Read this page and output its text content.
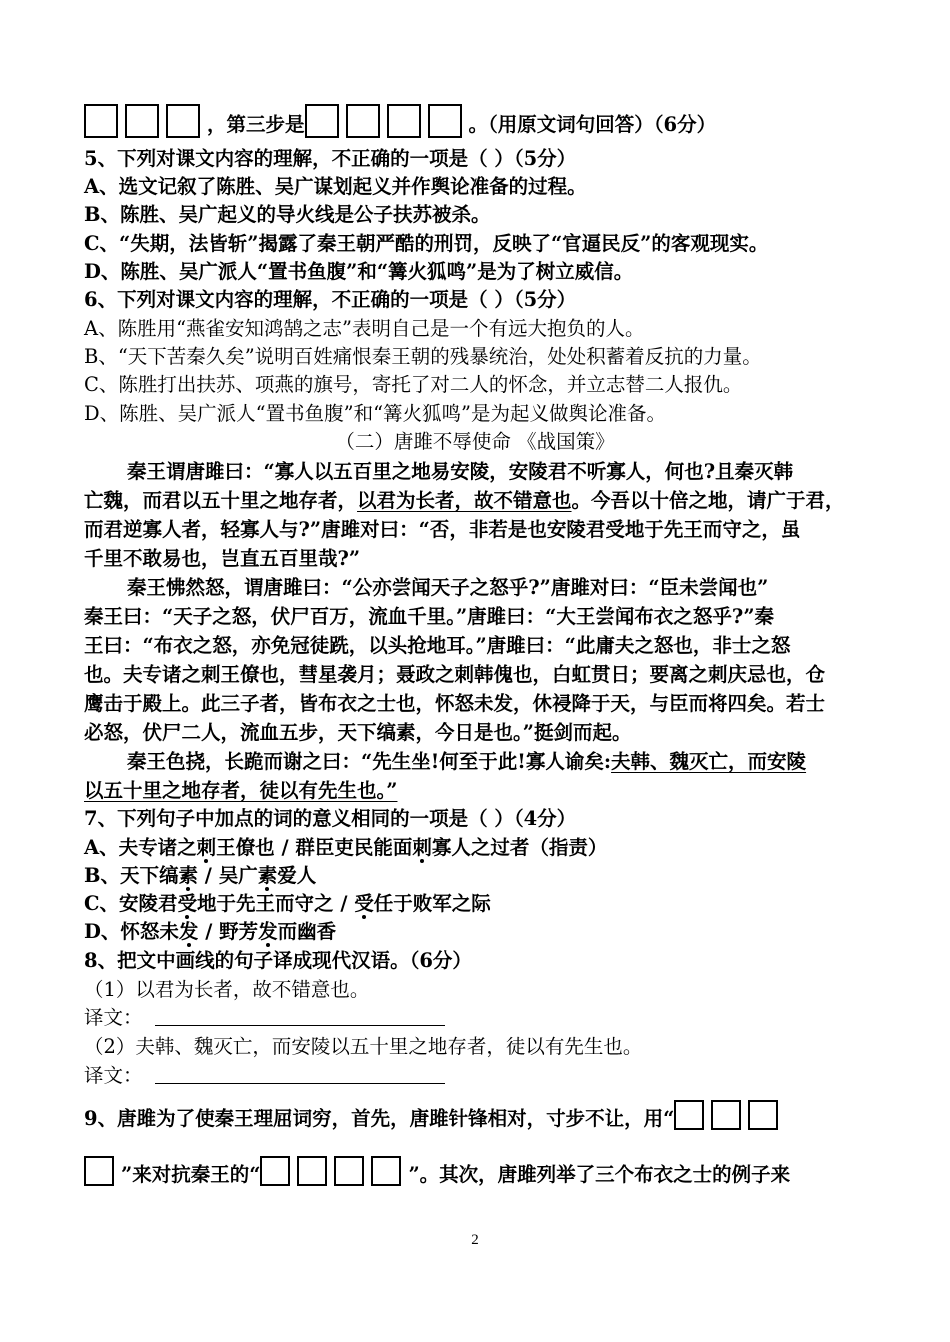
，第三步是	。（用原文词句回答）（6分）
5、下列对课文内容的理解，不正确的一项是（ ）（5分）
A、选文记叙了陈胜、吴广谋划起义并作舆论准备的过程。
B、陈胜、吴广起义的导火线是公子扶苏被杀。
C、“失期，法皆斩”揭露了秦王朝严酷的刑罚，反映了“官逼民反”的客观现实。
D、陈胜、吴广派人“置书鱼腹”和“篝火狐鸣”是为了树立威信。
6、下列对课文内容的理解，不正确的一项是（ ）（5分）
A、陈胜用“燕雀安知鸿鹄之志”表明自己是一个有远大抱负的人。
B、“天下苦秦久矣”说明百姓痛恨秦王朝的残暴统治，处处积蓄着反抗的力量。
C、陈胜打出扶苏、项燕的旗号，寄托了对二人的怀念，并立志替二人报仇。
D、陈胜、吴广派人“置书鱼腹”和“篝火狐鸣”是为起义做舆论准备。
（二）唐雎不辱使命 《战国策》
秦王谓唐雎曰：“寡人以五百里之地易安陵，安陵君不听寡人，何也?且秦灭韩
亡魏，而君以五十里之地存者，以君为长者，故不错意也。今吾以十倍之地，请广于君，
而君逆寡人者，轻寡人与?”唐雎对曰：“否，非若是也安陵君受地于先王而守之，虽
千里不敢易也，岂直五百里哉?”
秦王怫然怒，谓唐雎曰：“公亦尝闻天子之怒乎?”唐雎对曰：“臣未尝闻也”
秦王曰：“天子之怒，伏尸百万，流血千里。”唐雎曰：“大王尝闻布衣之怒乎?”秦
王曰：“布衣之怒，亦免冠徒跣，以头抢地耳。”唐雎曰：“此庸夫之怒也，非士之怒
也。夫专诸之刺王僚也，彗星袭月；聂政之刺韩傀也，白虹贯日；要离之刺庆忌也，仓
鹰击于殿上。此三子者，皆布衣之士也，怀怒未发，休祲降于天，与臣而将四矣。若士
必怒，伏尸二人，流血五步，天下缟素，今日是也。”挺剑而起。
秦王色挠，长跪而谢之曰：“先生坐!何至于此!寡人谕矣:夫韩、魏灭亡，而安陵
以五十里之地存者，徒以有先生也。”
7、下列句子中加点的词的意义相同的一项是（ ）（4分）
A、夫专诸之刺王僚也 / 群臣吏民能面刺寡人之过者（指责）
B、天下缟素 / 吴广素爱人
C、安陵君受地于先王而守之 / 受任于败军之际
D、怀怒未发 / 野芳发而幽香
8、把文中画线的句子译成现代汉语。（6分）
（1）以君为长者，故不错意也。
译文：
（2）夫韩、魏灭亡，而安陵以五十里之地存者，徒以有先生也。
译文：
9、唐雎为了使秦王理屈词穷，首先，唐雎针锋相对，寸步不让，用“
”来对抗秦王的“	”。其次，唐雎列举了三个布衣之士的例子来
2
